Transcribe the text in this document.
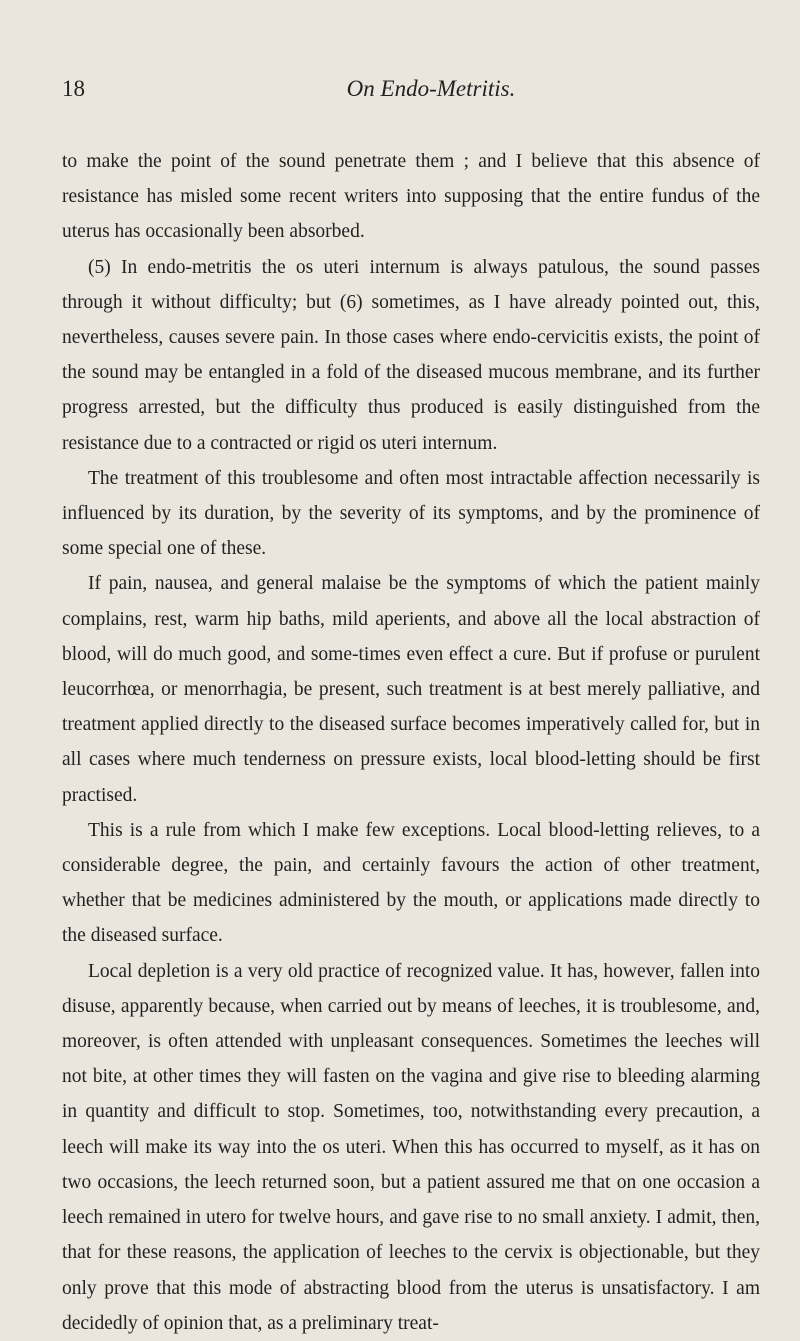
18	On Endo-Metritis.

to make the point of the sound penetrate them ; and I believe that this absence of resistance has misled some recent writers into supposing that the entire fundus of the uterus has occasionally been absorbed.

(5) In endo-metritis the os uteri internum is always patulous, the sound passes through it without difficulty; but (6) sometimes, as I have already pointed out, this, nevertheless, causes severe pain. In those cases where endo-cervicitis exists, the point of the sound may be entangled in a fold of the diseased mucous membrane, and its further progress arrested, but the difficulty thus produced is easily distinguished from the resistance due to a contracted or rigid os uteri internum.

The treatment of this troublesome and often most intractable affection necessarily is influenced by its duration, by the severity of its symptoms, and by the prominence of some special one of these.

If pain, nausea, and general malaise be the symptoms of which the patient mainly complains, rest, warm hip baths, mild aperients, and above all the local abstraction of blood, will do much good, and some-times even effect a cure. But if profuse or purulent leucorrhœa, or menorrhagia, be present, such treatment is at best merely palliative, and treatment applied directly to the diseased surface becomes imperatively called for, but in all cases where much tenderness on pressure exists, local blood-letting should be first practised.

This is a rule from which I make few exceptions. Local blood-letting relieves, to a considerable degree, the pain, and certainly favours the action of other treatment, whether that be medicines administered by the mouth, or applications made directly to the diseased surface.

Local depletion is a very old practice of recognized value. It has, however, fallen into disuse, apparently because, when carried out by means of leeches, it is troublesome, and, moreover, is often attended with unpleasant consequences. Sometimes the leeches will not bite, at other times they will fasten on the vagina and give rise to bleeding alarming in quantity and difficult to stop. Sometimes, too, notwithstanding every precaution, a leech will make its way into the os uteri. When this has occurred to myself, as it has on two occasions, the leech returned soon, but a patient assured me that on one occasion a leech remained in utero for twelve hours, and gave rise to no small anxiety. I admit, then, that for these reasons, the application of leeches to the cervix is objectionable, but they only prove that this mode of abstracting blood from the uterus is unsatisfactory. I am decidedly of opinion that, as a preliminary treat-
